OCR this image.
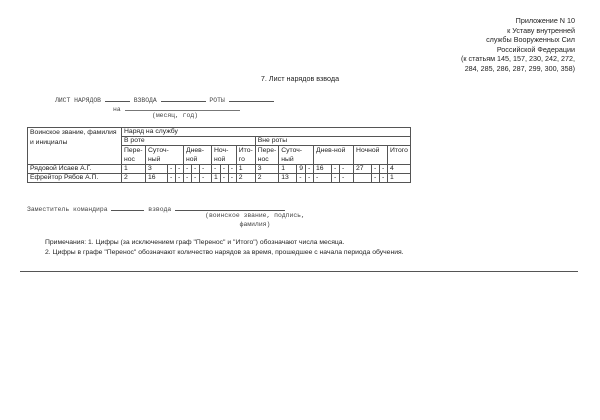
Приложение N 10
к Уставу внутренней
службы Вооруженных Сил
Российской Федерации
(к статьям 145, 157, 230, 242, 272,
284, 285, 286, 287, 299, 300, 358)
7. Лист нарядов взвода
ЛИСТ НАРЯДОВ	ВЗВОДА	РОТЫ
на
(месяц, год)
Воинское звание, фамилия и инициалы	Наряд на службу																					
	В роте											Вне роты										
	Пере-нос	Суточ-ный			Днев-ной			Ноч-ной			Ито-го	Пере-нос	Суточ-ный			Днев-ной			Ночной			Итого
Рядовой Исаев А.Г.	1	3	-	-	-	-	-	-	-	-	1	3	1	9	-	16	-	-	27	-	-	4
Ефрейтор Рябов А.П.	2	16	-	-	-	-	-	1	-	-	2	2	13	-	-	-	-	-		-	-	1
Заместитель командира	взвода
(воинское звание, подпись, фамилия)
Примечания: 1. Цифры (за исключением граф "Перенос" и "Итого") обозначают числа месяца.
2. Цифры в графе "Перенос" обозначают количество нарядов за время, прошедшее с начала периода обучения.
